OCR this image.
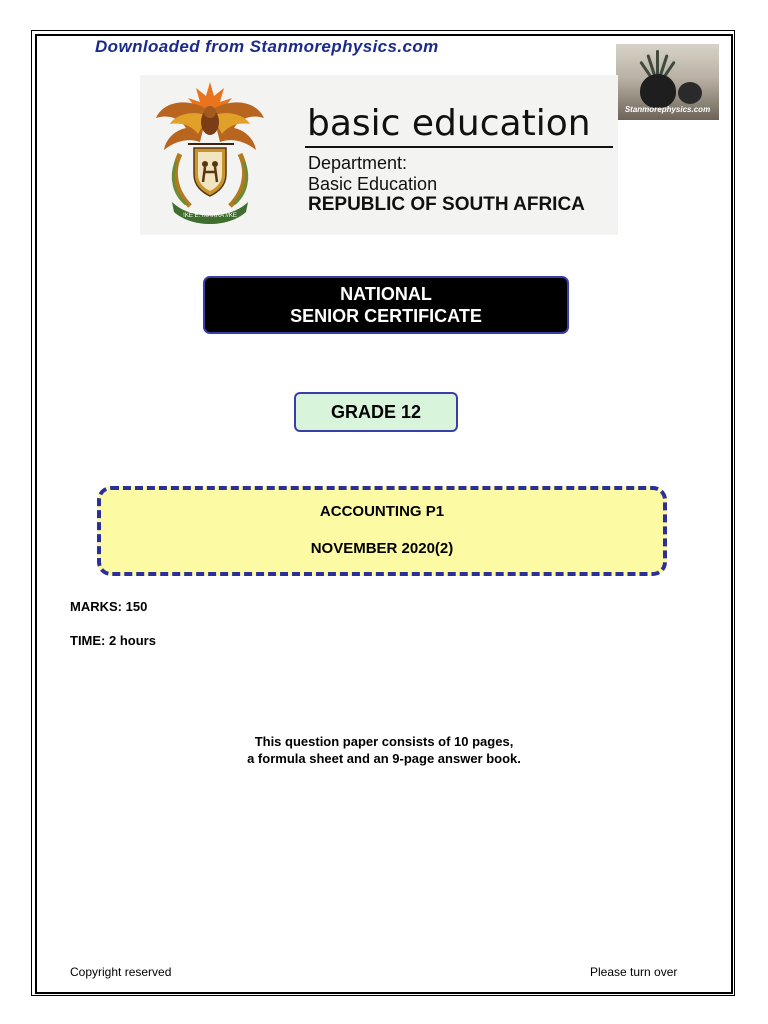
Downloaded from Stanmorephysics.com
Stanmorephysics.com
!KE E: /XARRA //KE
basic education
Department:
Basic Education
REPUBLIC OF SOUTH AFRICA
NATIONAL
SENIOR CERTIFICATE
GRADE 12
ACCOUNTING P1
NOVEMBER 2020(2)
MARKS: 150
TIME: 2 hours
This question paper consists of 10 pages,
a formula sheet and an 9-page answer book.
Copyright reserved	Please turn over
